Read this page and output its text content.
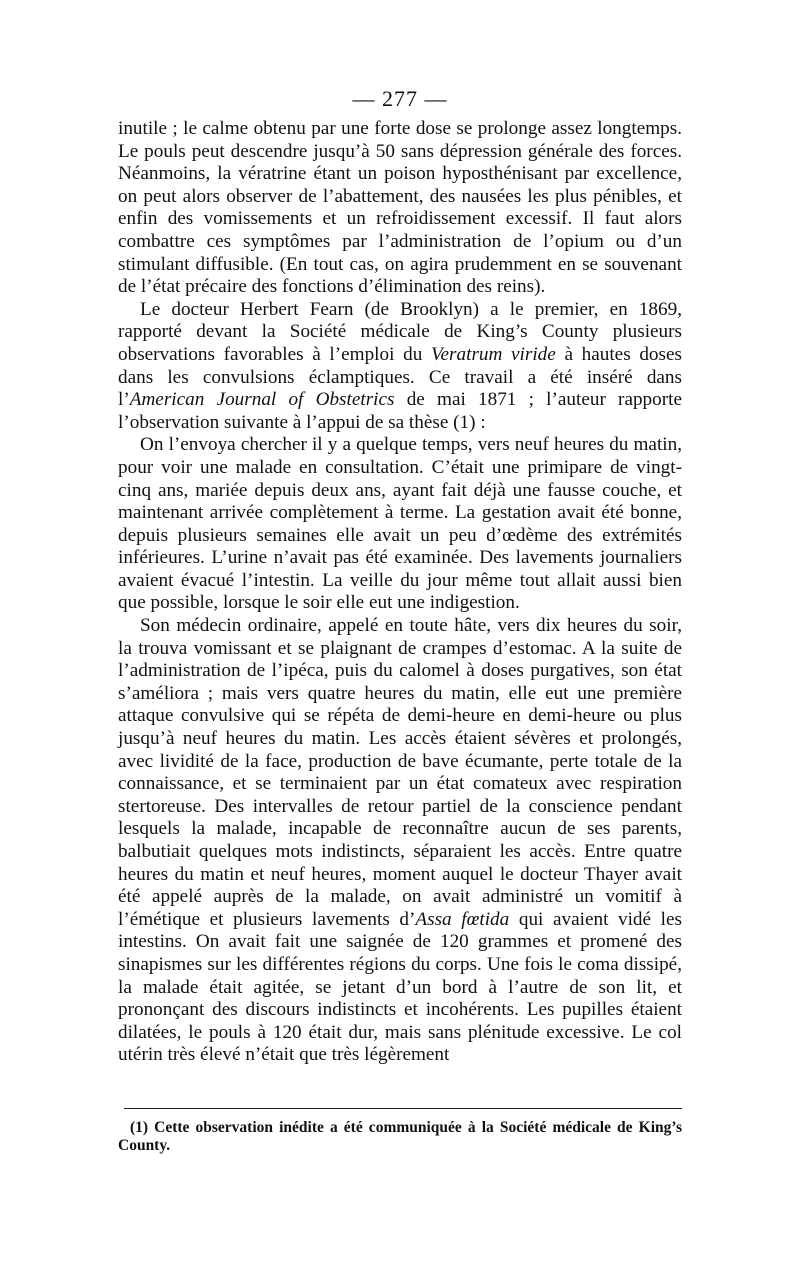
— 277 —

inutile ; le calme obtenu par une forte dose se prolonge assez longtemps. Le pouls peut descendre jusqu’à 50 sans dépression générale des forces. Néanmoins, la vératrine étant un poison hyposthénisant par excellence, on peut alors observer de l’abattement, des nausées les plus pénibles, et enfin des vomissements et un refroidissement excessif. Il faut alors combattre ces symptômes par l’administration de l’opium ou d’un stimulant diffusible. (En tout cas, on agira prudemment en se souvenant de l’état précaire des fonctions d’élimination des reins).

Le docteur Herbert Fearn (de Brooklyn) a le premier, en 1869, rapporté devant la Société médicale de King’s County plusieurs observations favorables à l’emploi du Veratrum viride à hautes doses dans les convulsions éclamptiques. Ce travail a été inséré dans l’American Journal of Obstetrics de mai 1871 ; l’auteur rapporte l’observation suivante à l’appui de sa thèse (1) :

On l’envoya chercher il y a quelque temps, vers neuf heures du matin, pour voir une malade en consultation. C’était une primipare de vingt-cinq ans, mariée depuis deux ans, ayant fait déjà une fausse couche, et maintenant arrivée complètement à terme. La gestation avait été bonne, depuis plusieurs semaines elle avait un peu d’œdème des extrémités inférieures. L’urine n’avait pas été examinée. Des lavements journaliers avaient évacué l’intestin. La veille du jour même tout allait aussi bien que possible, lorsque le soir elle eut une indigestion.

Son médecin ordinaire, appelé en toute hâte, vers dix heures du soir, la trouva vomissant et se plaignant de crampes d’estomac. A la suite de l’administration de l’ipéca, puis du calomel à doses purgatives, son état s’améliora ; mais vers quatre heures du matin, elle eut une première attaque convulsive qui se répéta de demi-heure en demi-heure ou plus jusqu’à neuf heures du matin. Les accès étaient sévères et prolongés, avec lividité de la face, production de bave écumante, perte totale de la connaissance, et se terminaient par un état comateux avec respiration stertoreuse. Des intervalles de retour partiel de la conscience pendant lesquels la malade, incapable de reconnaître aucun de ses parents, balbutiait quelques mots indistincts, séparaient les accès. Entre quatre heures du matin et neuf heures, moment auquel le docteur Thayer avait été appelé auprès de la malade, on avait administré un vomitif à l’émétique et plusieurs lavements d’Assa fœtida qui avaient vidé les intestins. On avait fait une saignée de 120 grammes et promené des sinapismes sur les différentes régions du corps. Une fois le coma dissipé, la malade était agitée, se jetant d’un bord à l’autre de son lit, et prononçant des discours indistincts et incohérents. Les pupilles étaient dilatées, le pouls à 120 était dur, mais sans plénitude excessive. Le col utérin très élevé n’était que très légèrement

(1) Cette observation inédite a été communiquée à la Société médicale de King’s County.
